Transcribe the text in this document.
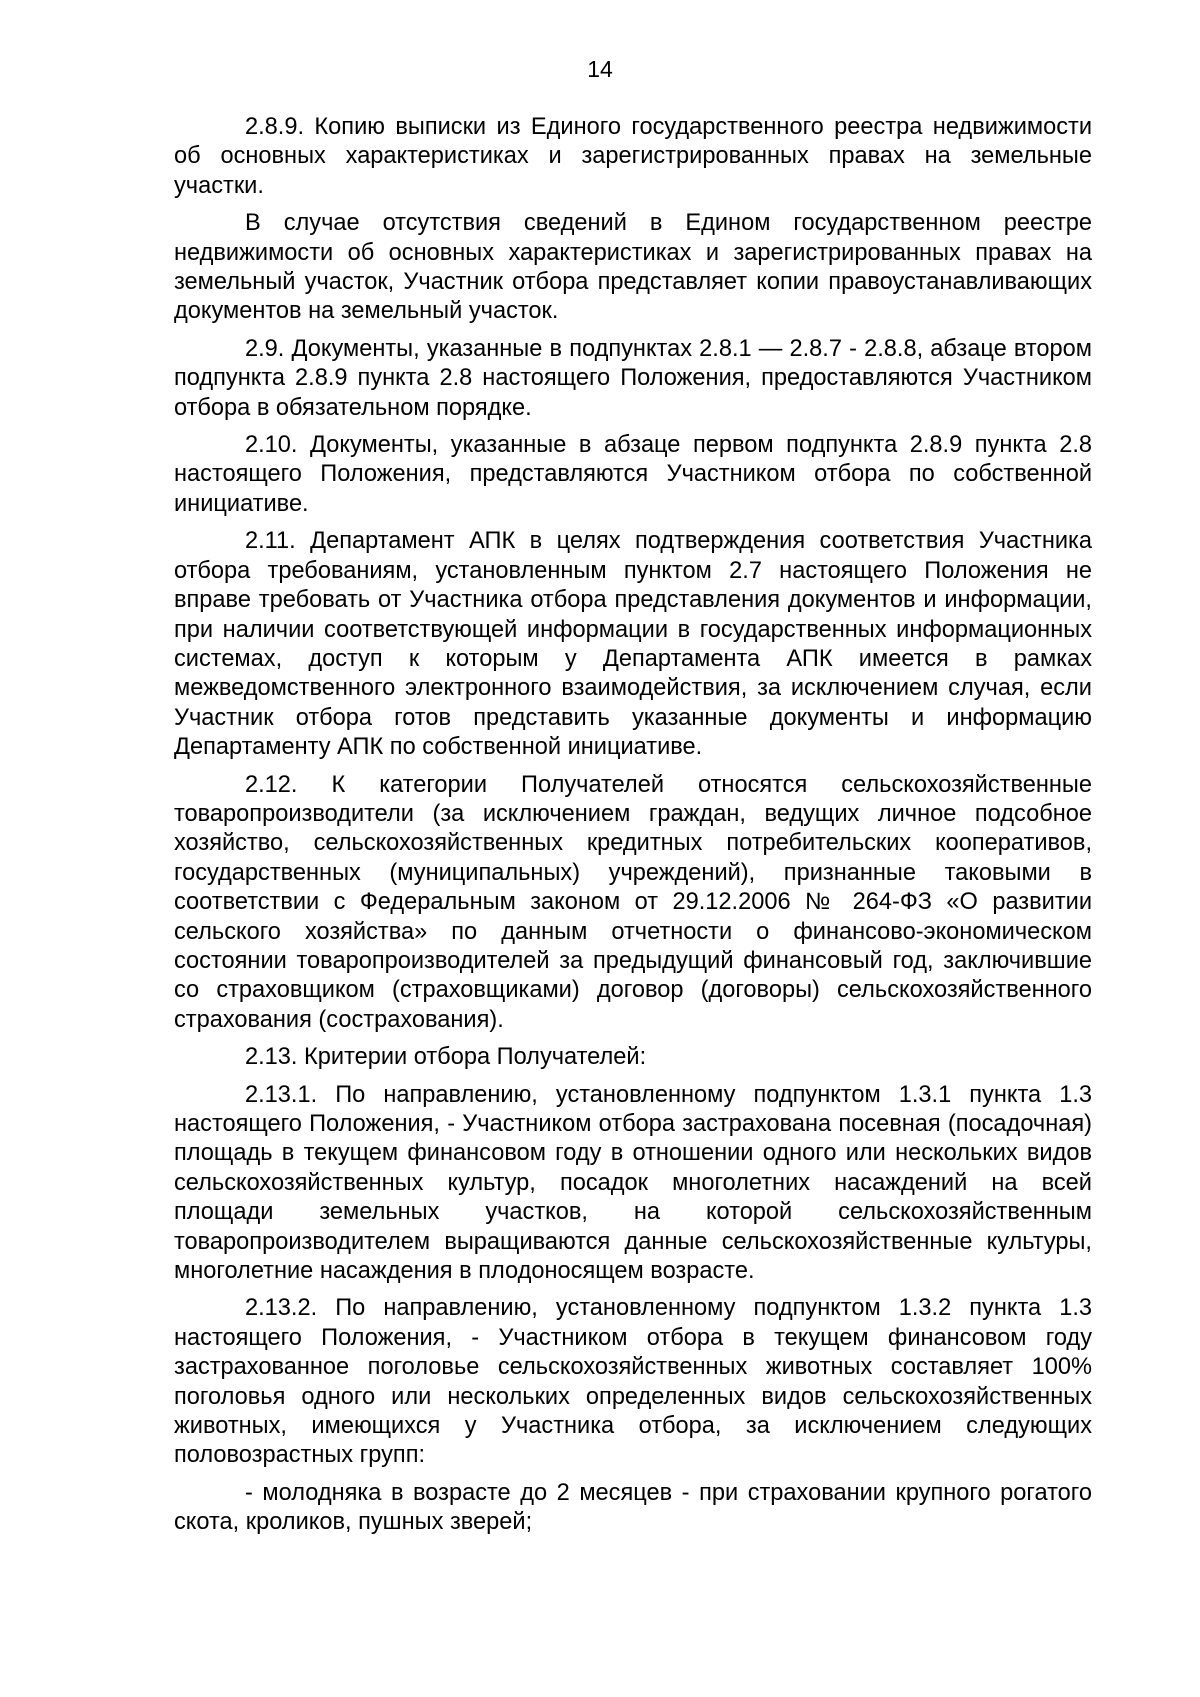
14

2.8.9. Копию выписки из Единого государственного реестра недвижимости об основных характеристиках и зарегистрированных правах на земельные участки.

В случае отсутствия сведений в Едином государственном реестре недвижимости об основных характеристиках и зарегистрированных правах на земельный участок, Участник отбора представляет копии правоустанавливающих документов на земельный участок.

2.9. Документы, указанные в подпунктах 2.8.1 — 2.8.7 - 2.8.8, абзаце втором подпункта 2.8.9 пункта 2.8 настоящего Положения, предоставляются Участником отбора в обязательном порядке.

2.10. Документы, указанные в абзаце первом подпункта 2.8.9 пункта 2.8 настоящего Положения, представляются Участником отбора по собственной инициативе.

2.11. Департамент АПК в целях подтверждения соответствия Участника отбора требованиям, установленным пунктом 2.7 настоящего Положения не вправе требовать от Участника отбора представления документов и информации, при наличии соответствующей информации в государственных информационных системах, доступ к которым у Департамента АПК имеется в рамках межведомственного электронного взаимодействия, за исключением случая, если Участник отбора готов представить указанные документы и информацию Департаменту АПК по собственной инициативе.

2.12. К категории Получателей относятся сельскохозяйственные товаропроизводители (за исключением граждан, ведущих личное подсобное хозяйство, сельскохозяйственных кредитных потребительских кооперативов, государственных (муниципальных) учреждений), признанные таковыми в соответствии с Федеральным законом от 29.12.2006 № 264-ФЗ «О развитии сельского хозяйства» по данным отчетности о финансово-экономическом состоянии товаропроизводителей за предыдущий финансовый год, заключившие со страховщиком (страховщиками) договор (договоры) сельскохозяйственного страхования (сострахования).

2.13. Критерии отбора Получателей:

2.13.1. По направлению, установленному подпунктом 1.3.1 пункта 1.3 настоящего Положения, - Участником отбора застрахована посевная (посадочная) площадь в текущем финансовом году в отношении одного или нескольких видов сельскохозяйственных культур, посадок многолетних насаждений на всей площади земельных участков, на которой сельскохозяйственным товаропроизводителем выращиваются данные сельскохозяйственные культуры, многолетние насаждения в плодоносящем возрасте.

2.13.2. По направлению, установленному подпунктом 1.3.2 пункта 1.3 настоящего Положения, - Участником отбора в текущем финансовом году застрахованное поголовье сельскохозяйственных животных составляет 100% поголовья одного или нескольких определенных видов сельскохозяйственных животных, имеющихся у Участника отбора, за исключением следующих половозрастных групп:

- молодняка в возрасте до 2 месяцев - при страховании крупного рогатого скота, кроликов, пушных зверей;
